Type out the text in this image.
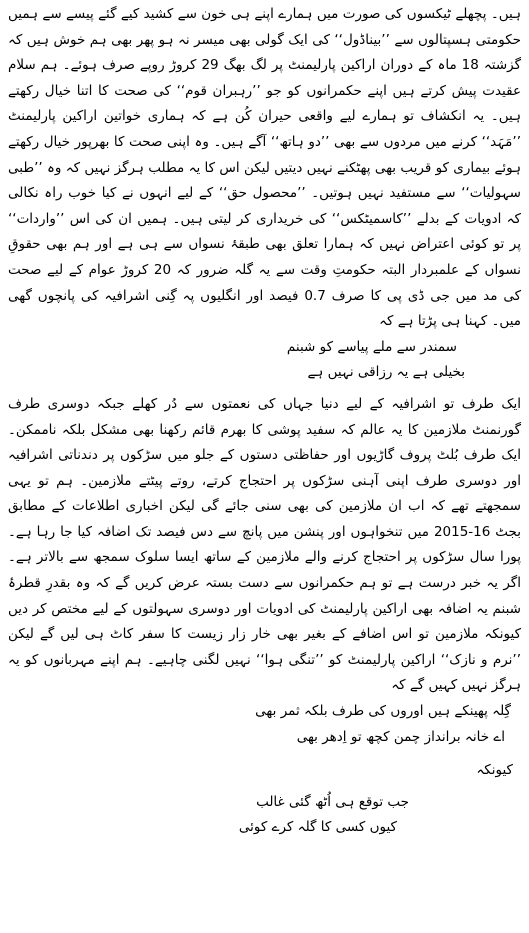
ہیں۔ پچھلے ٹیکسوں کی صورت میں ہمارے اپنے ہی خون سے کشید کیے گئے پیسے سے ہمیں حکومتی ہسپتالوں سے ’’بیناڈول‘‘ کی ایک گولی بھی میسر نہ ہو پھر بھی ہم خوش ہیں کہ گزشتہ 18 ماہ کے دوران اراکین پارلیمنٹ پر لگ بھگ 29 کروڑ روپے صرف ہوئے۔ ہم سلام عقیدت پیش کرتے ہیں اپنے حکمرانوں کو جو ’’رہبران قوم‘‘ کی صحت کا اتنا خیال رکھتے ہیں۔ یہ انکشاف تو ہمارے لیے واقعی حیران کُن ہے کہ ہماری خواتین اراکین پارلیمنٹ ’’مَہَد‘‘ کرنے میں مردوں سے بھی ’’دو ہاتھ‘‘ آگے ہیں۔ وہ اپنی صحت کا بھرپور خیال رکھتے ہوئے بیماری کو قریب بھی پھٹکنے نہیں دیتیں لیکن اس کا یہ مطلب ہرگز نہیں کہ وہ ’’طبی سہولیات‘‘ سے مستفید نہیں ہوتیں۔ ’’محصول حق‘‘ کے لیے انہوں نے کیا خوب راہ نکالی کہ ادویات کے بدلے ’’کاسمیٹکس‘‘ کی خریداری کر لیتی ہیں۔ ہمیں ان کی اس ’’واردات‘‘ پر تو کوئی اعتراض نہیں کہ ہمارا تعلق بھی طبقۂ نسواں سے ہی ہے اور ہم بھی حقوقِ نسواں کے علمبردار البتہ حکومتِ وقت سے یہ گلہ ضرور کہ 20 کروڑ عوام کے لیے صحت کی مد میں جی ڈی پی کا صرف 0.7 فیصد اور انگلیوں پہ گِنی اشرافیہ کی پانچوں گھی میں۔ کہنا ہی پڑتا ہے کہ

سمندر سے ملے پیاسے کو شبنم

بخیلی ہے یہ رزاقی نہیں ہے

ایک طرف تو اشرافیہ کے لیے دنیا جہاں کی نعمتوں سے دُر کھلے جبکہ دوسری طرف گورنمنٹ ملازمین کا یہ عالم کہ سفید پوشی کا بھرم قائم رکھنا بھی مشکل بلکہ ناممکن۔ ایک طرف بُلٹ پروف گاڑیوں اور حفاظتی دستوں کے جلو میں سڑکوں پر دندناتی اشرافیہ اور دوسری طرف اپنی آہنی سڑکوں پر احتجاج کرتے، روتے پیٹتے ملازمین۔ ہم تو یہی سمجھتے تھے کہ اب ان ملازمین کی بھی سنی جائے گی لیکن اخباری اطلاعات کے مطابق بجٹ 16-2015 میں تنخواہوں اور پنشن میں پانچ سے دس فیصد تک اضافہ کیا جا رہا ہے۔ پورا سال سڑکوں پر احتجاج کرنے والے ملازمین کے ساتھ ایسا سلوک سمجھ سے بالاتر ہے۔ اگر یہ خبر درست ہے تو ہم حکمرانوں سے دست بستہ عرض کریں گے کہ وہ بقدرِ قطرۂ شبنم یہ اضافہ بھی اراکین پارلیمنٹ کی ادویات اور دوسری سہولتوں کے لیے مختص کر دیں کیونکہ ملازمین تو اس اضافے کے بغیر بھی خار زار زیست کا سفر کاٹ ہی لیں گے لیکن ’’نرم و نازک‘‘ اراکین پارلیمنٹ کو ’’تنگی ہوا‘‘ نہیں لگنی چاہیے۔ ہم اپنے مہربانوں کو یہ ہرگز نہیں کہیں گے کہ

گِلہ پھینکے ہیں اوروں کی طرف بلکہ ثمر بھی

اے خانہ برانداز چمن کچھ تو اِدھر بھی

کیونکہ

جب توقع ہی اُٹھ گئی غالب

کیوں کسی کا گلہ کرے کوئی
